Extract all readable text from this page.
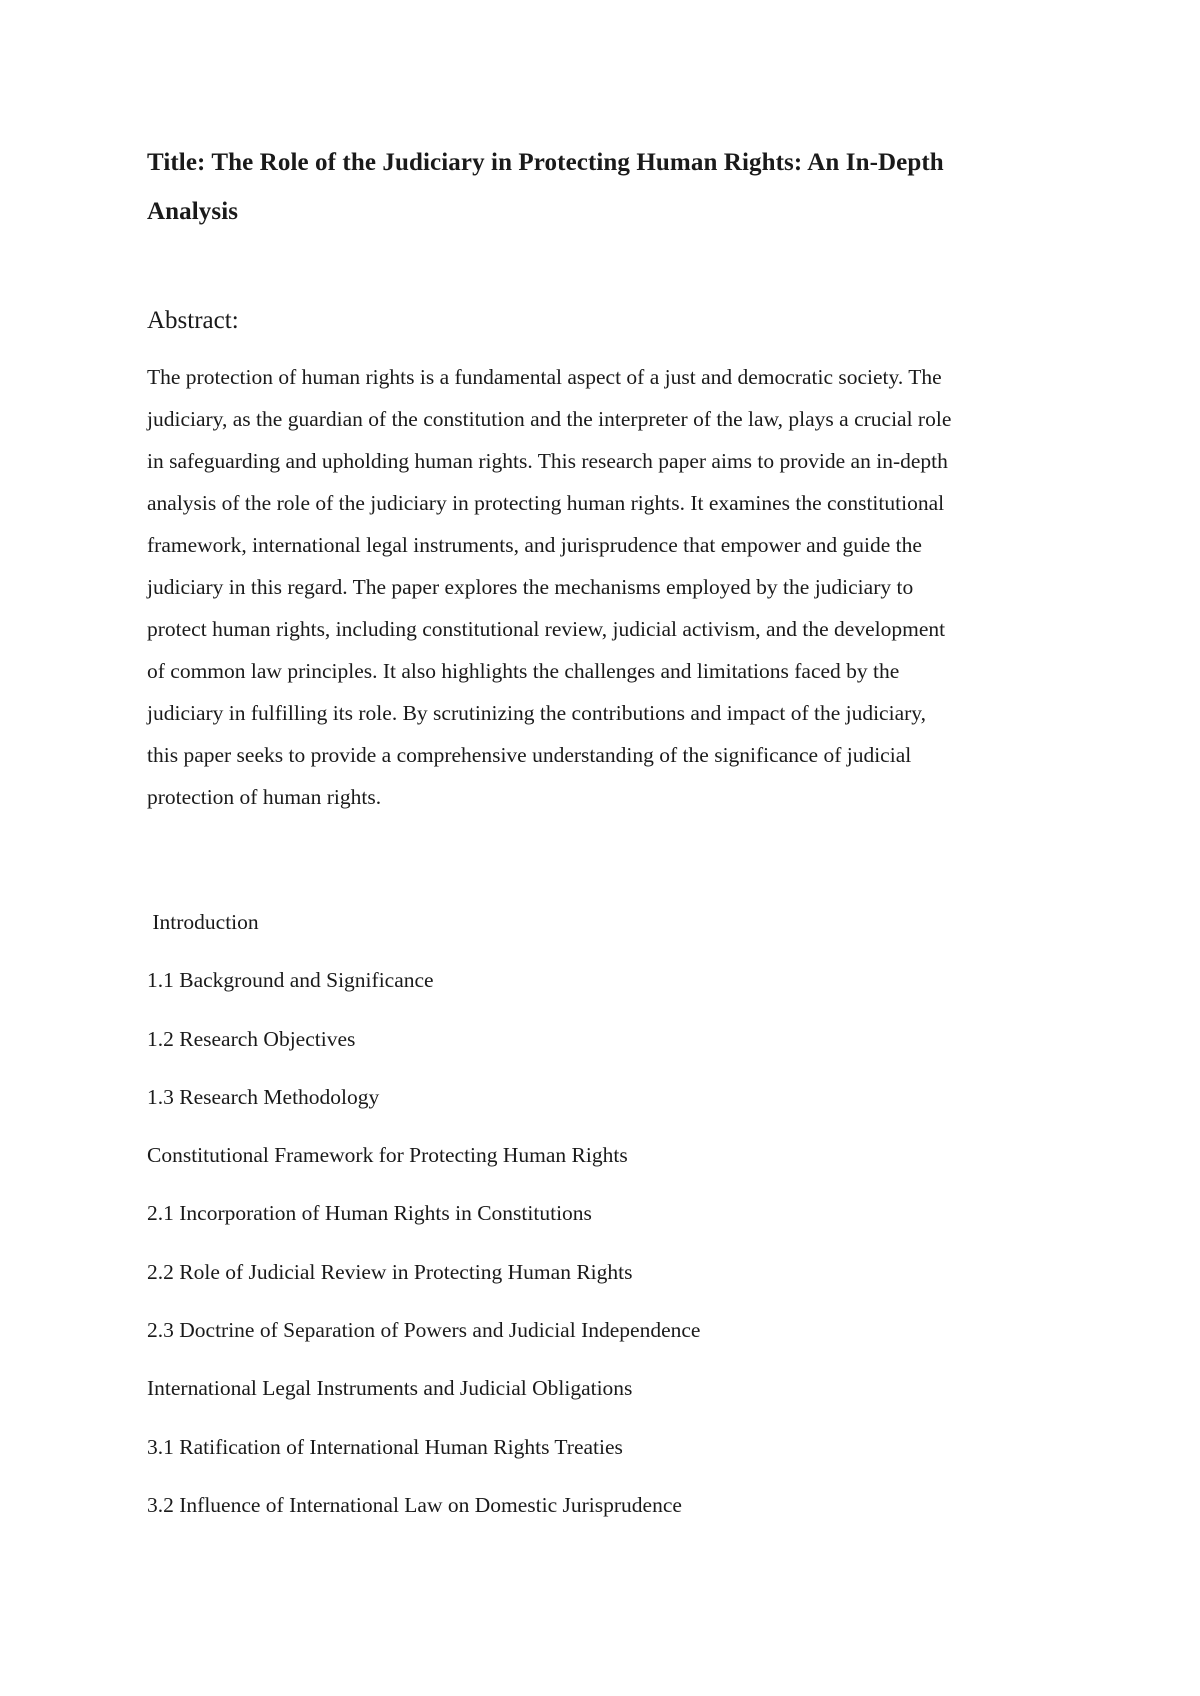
Title: The Role of the Judiciary in Protecting Human Rights: An In-Depth
Analysis
Abstract:

The protection of human rights is a fundamental aspect of a just and democratic society. The
judiciary, as the guardian of the constitution and the interpreter of the law, plays a crucial role
in safeguarding and upholding human rights. This research paper aims to provide an in-depth
analysis of the role of the judiciary in protecting human rights. It examines the constitutional
framework, international legal instruments, and jurisprudence that empower and guide the
judiciary in this regard. The paper explores the mechanisms employed by the judiciary to
protect human rights, including constitutional review, judicial activism, and the development
of common law principles. It also highlights the challenges and limitations faced by the
judiciary in fulfilling its role. By scrutinizing the contributions and impact of the judiciary,
this paper seeks to provide a comprehensive understanding of the significance of judicial
protection of human rights.

Introduction
1.1 Background and Significance
1.2 Research Objectives
1.3 Research Methodology
Constitutional Framework for Protecting Human Rights
2.1 Incorporation of Human Rights in Constitutions
2.2 Role of Judicial Review in Protecting Human Rights
2.3 Doctrine of Separation of Powers and Judicial Independence
International Legal Instruments and Judicial Obligations
3.1 Ratification of International Human Rights Treaties
3.2 Influence of International Law on Domestic Jurisprudence
